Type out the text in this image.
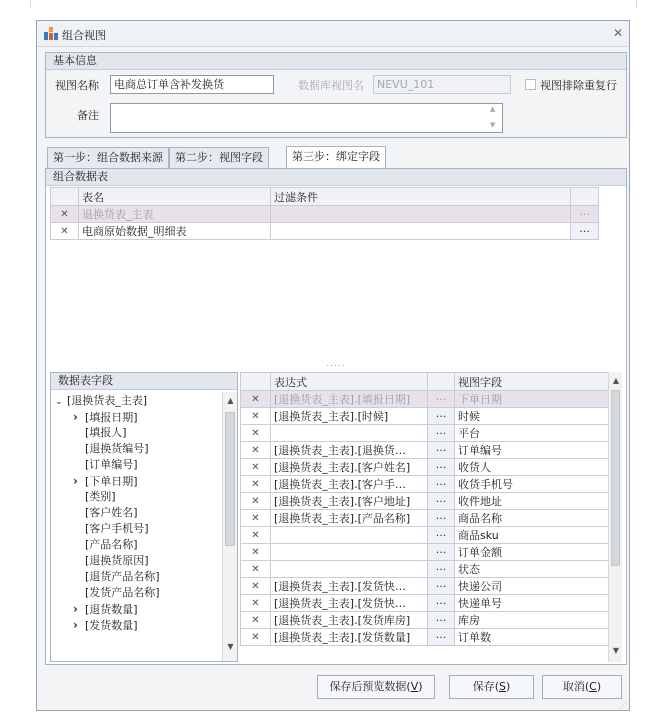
组合视图	✕
基本信息
视图名称	电商总订单含补发换货	数据库视图名	NEVU_101	视图排除重复行
备注	▲
▼
第一步：组合数据来源	第二步：视图字段	第三步：绑定字段
组合数据表
	表名	过滤条件		
✕	退换货表_主表		···	
✕	电商原始数据_明细表		···	
.....
数据表字段
⌄ [退换货表_主表]
› [填报日期]
[填报人]
[退换货编号]
[订单编号]
› [下单日期]
[类别]
[客户姓名]
[客户手机号]
[产品名称]
[退换货原因]
[退货产品名称]
[发货产品名称]
› [退货数量]
› [发货数量]
▲
▼
	表达式		视图字段
✕	[退换货表_主表].[填报日期]	···	下单日期
✕	[退换货表_主表].[时候]	···	时候
✕		···	平台
✕	[退换货表_主表].[退换货…	···	订单编号
✕	[退换货表_主表].[客户姓名]	···	收货人
✕	[退换货表_主表].[客户手…	···	收货手机号
✕	[退换货表_主表].[客户地址]	···	收件地址
✕	[退换货表_主表].[产品名称]	···	商品名称
✕		···	商品sku
✕		···	订单金额
✕		···	状态
✕	[退换货表_主表].[发货快…	···	快递公司
✕	[退换货表_主表].[发货快…	···	快递单号
✕	[退换货表_主表].[发货库房]	···	库房
✕	[退换货表_主表].[发货数量]	···	订单数
▲
▼
保存后预览数据(V)	保存(S)	取消(C)
⋰
